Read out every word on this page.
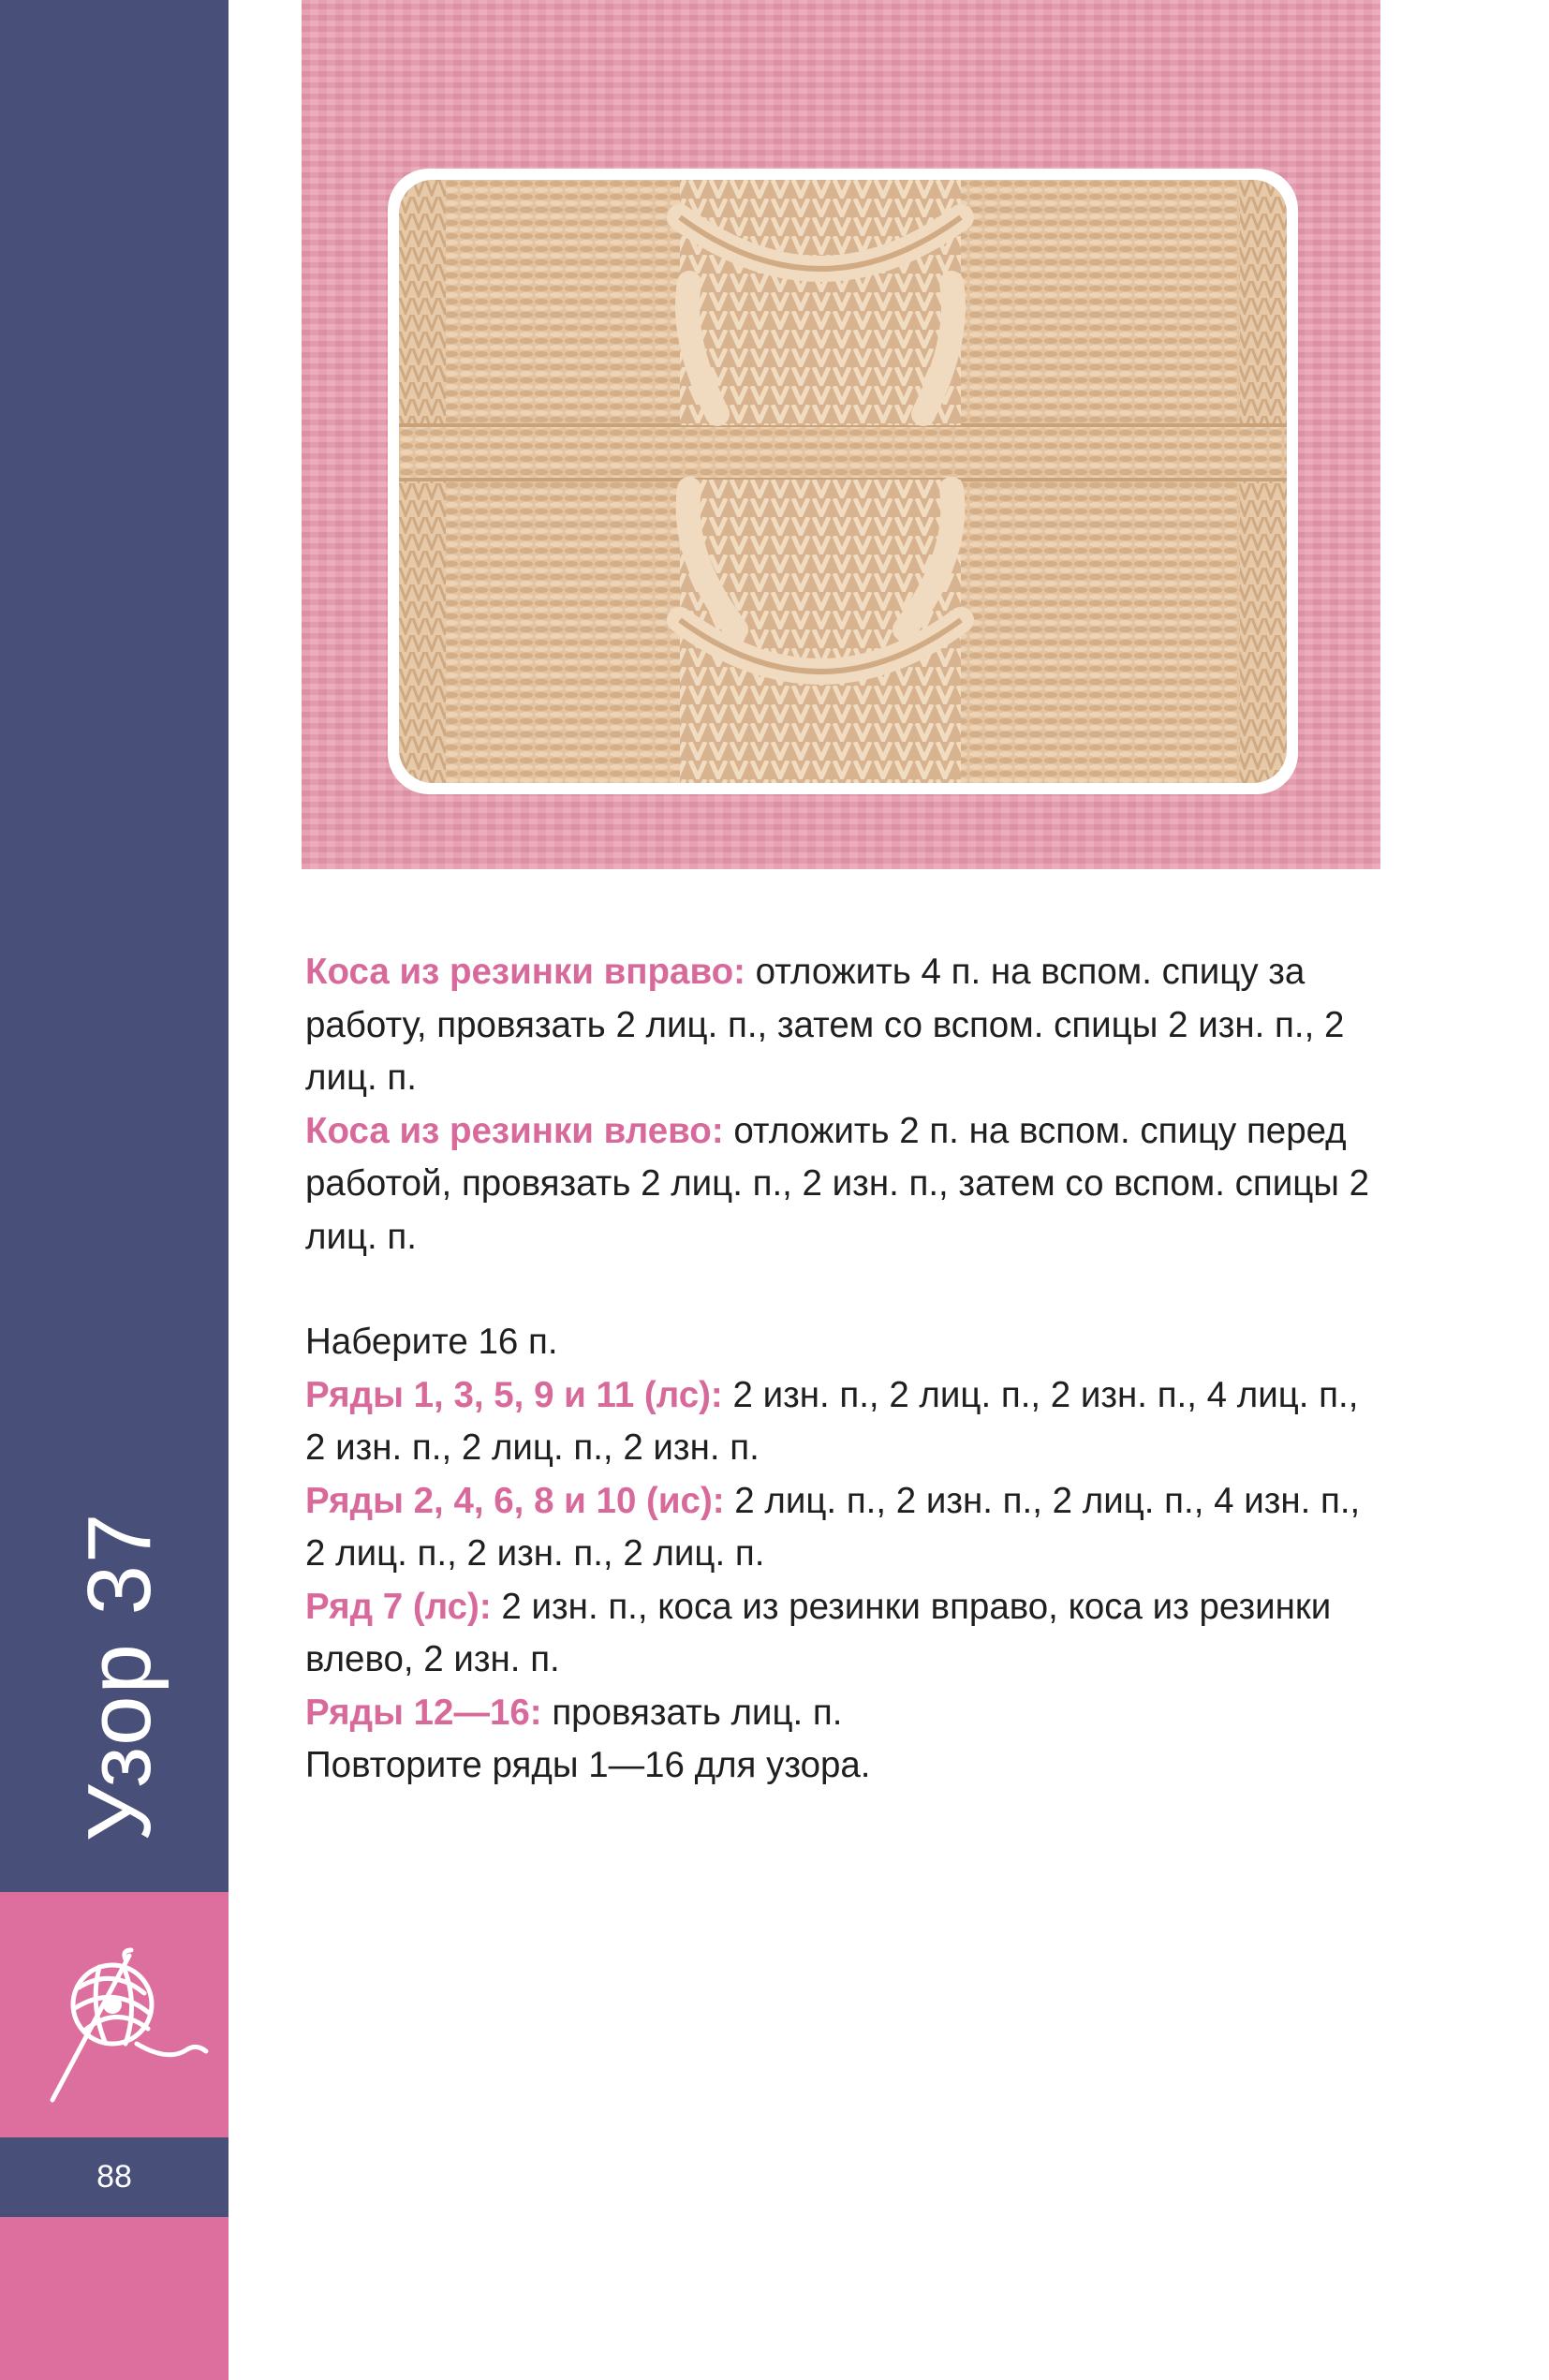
Узор 37
88

Коса из резинки вправо: отложить 4 п. на вспом. спицу за работу, провязать 2 лиц. п., затем со вспом. спицы 2 изн. п., 2 лиц. п.

Коса из резинки влево: отложить 2 п. на вспом. спицу перед работой, провязать 2 лиц. п., 2 изн. п., затем со вспом. спицы 2 лиц. п.

Наберите 16 п.

Ряды 1, 3, 5, 9 и 11 (лс): 2 изн. п., 2 лиц. п., 2 изн. п., 4 лиц. п., 2 изн. п., 2 лиц. п., 2 изн. п.

Ряды 2, 4, 6, 8 и 10 (ис): 2 лиц. п., 2 изн. п., 2 лиц. п., 4 изн. п., 2 лиц. п., 2 изн. п., 2 лиц. п.

Ряд 7 (лс): 2 изн. п., коса из резинки вправо, коса из резинки влево, 2 изн. п.

Ряды 12—16: провязать лиц. п.

Повторите ряды 1—16 для узора.
